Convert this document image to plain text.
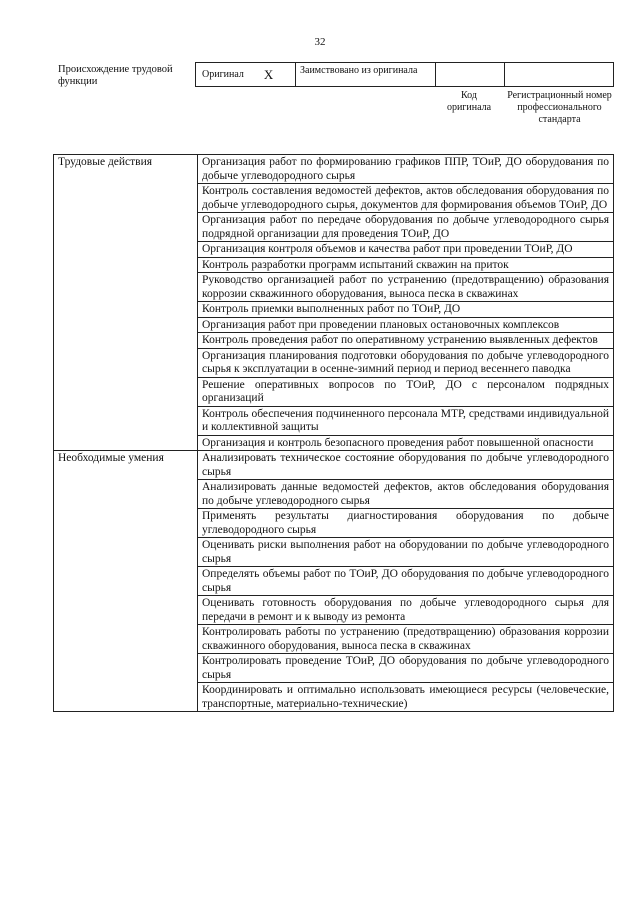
32
Происхождение трудовой функции
Оригинал X	Заимствовано из оригинала
Код оригинала
Регистрационный номер профессионального стандарта
Трудовые действия	Организация работ по формированию графиков ППР, ТОиР, ДО оборудования по добыче углеводородного сырья
	Контроль составления ведомостей дефектов, актов обследования оборудования по добыче углеводородного сырья, документов для формирования объемов ТОиР, ДО
	Организация работ по передаче оборудования по добыче углеводородного сырья подрядной организации для проведения ТОиР, ДО
	Организация контроля объемов и качества работ при проведении ТОиР, ДО
	Контроль разработки программ испытаний скважин на приток
	Руководство организацией работ по устранению (предотвращению) образования коррозии скважинного оборудования, выноса песка в скважинах
	Контроль приемки выполненных работ по ТОиР, ДО
	Организация работ при проведении плановых остановочных комплексов
	Контроль проведения работ по оперативному устранению выявленных дефектов
	Организация планирования подготовки оборудования по добыче углеводородного сырья к эксплуатации в осенне-зимний период и период весеннего паводка
	Решение оперативных вопросов по ТОиР, ДО с персоналом подрядных организаций
	Контроль обеспечения подчиненного персонала МТР, средствами индивидуальной и коллективной защиты
	Организация и контроль безопасного проведения работ повышенной опасности
Необходимые умения	Анализировать техническое состояние оборудования по добыче углеводородного сырья
	Анализировать данные ведомостей дефектов, актов обследования оборудования по добыче углеводородного сырья
	Применять результаты диагностирования оборудования по добыче углеводородного сырья
	Оценивать риски выполнения работ на оборудовании по добыче углеводородного сырья
	Определять объемы работ по ТОиР, ДО оборудования по добыче углеводородного сырья
	Оценивать готовность оборудования по добыче углеводородного сырья для передачи в ремонт и к выводу из ремонта
	Контролировать работы по устранению (предотвращению) образования коррозии скважинного оборудования, выноса песка в скважинах
	Контролировать проведение ТОиР, ДО оборудования по добыче углеводородного сырья
	Координировать и оптимально использовать имеющиеся ресурсы (человеческие, транспортные, материально-технические)
